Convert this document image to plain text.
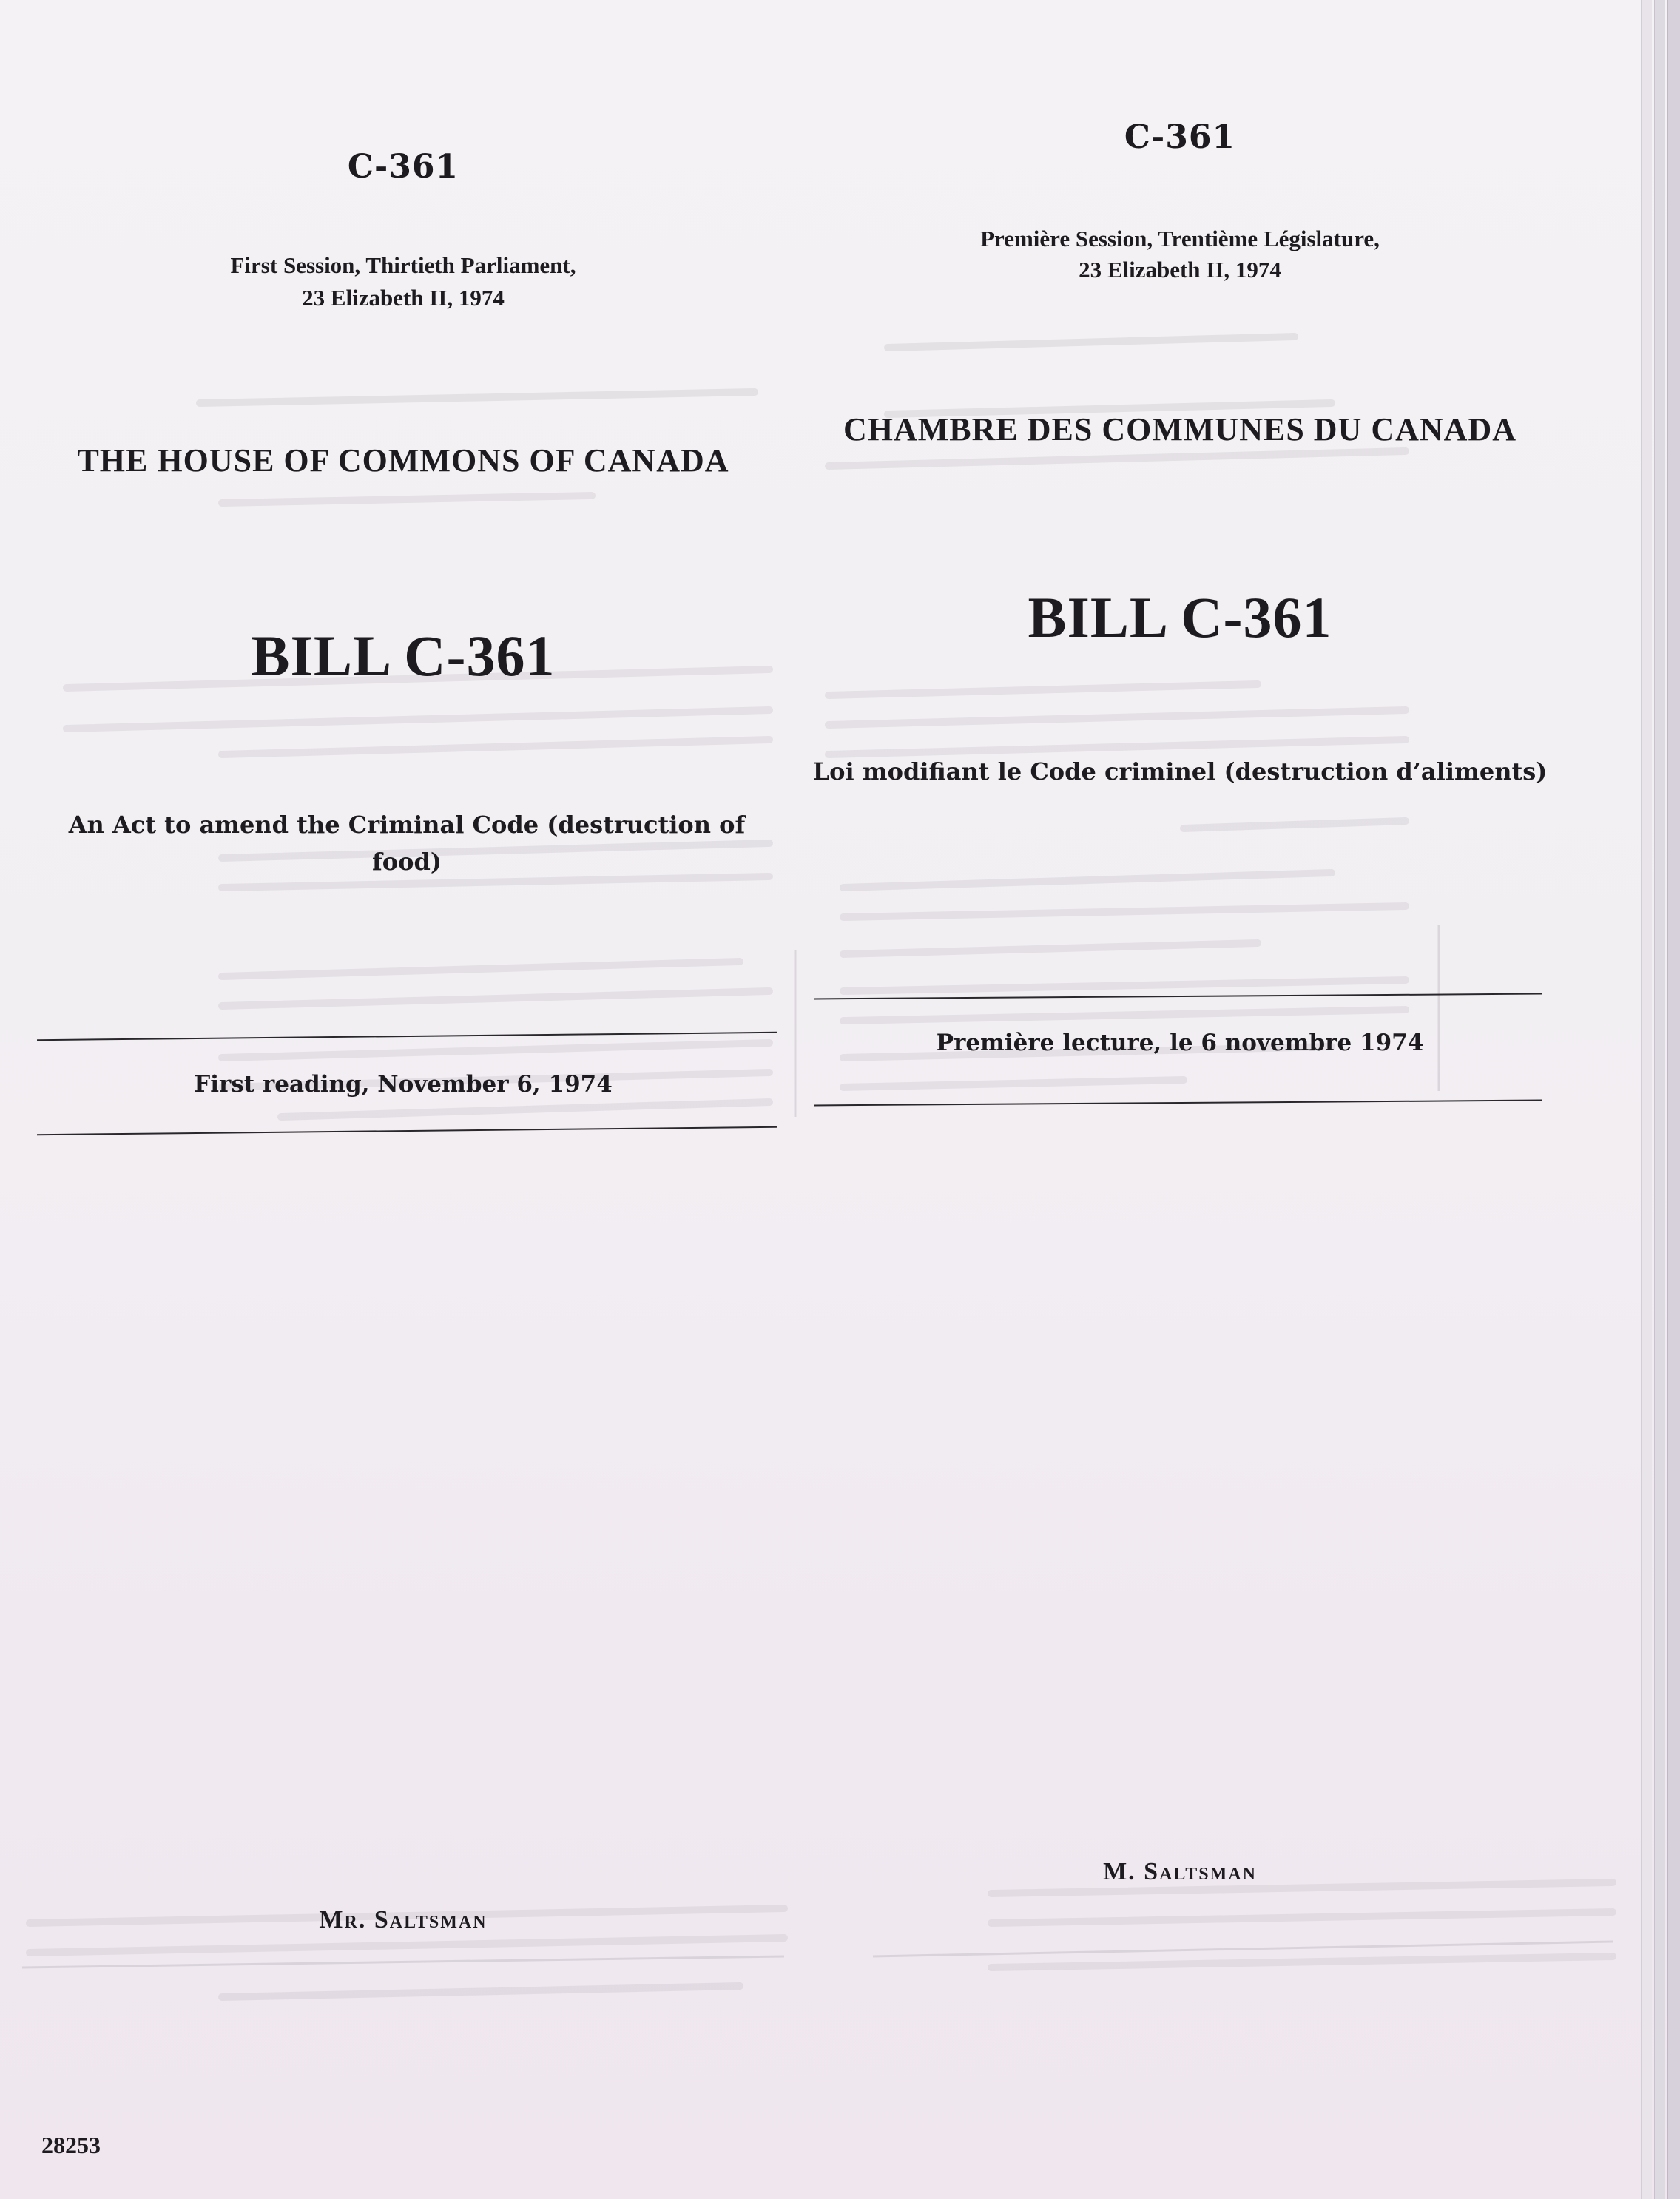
C-361
First Session, Thirtieth Parliament,
23 Elizabeth II, 1974
THE HOUSE OF COMMONS OF CANADA
BILL C-361
An Act to amend the Criminal Code (destruction of food)
First reading, November 6, 1974
Mr. Saltsman
C-361
Première Session, Trentième Législature,
23 Elizabeth II, 1974
CHAMBRE DES COMMUNES DU CANADA
BILL C-361
Loi modifiant le Code criminel (destruction d’aliments)
Première lecture, le 6 novembre 1974
M. Saltsman
28253
